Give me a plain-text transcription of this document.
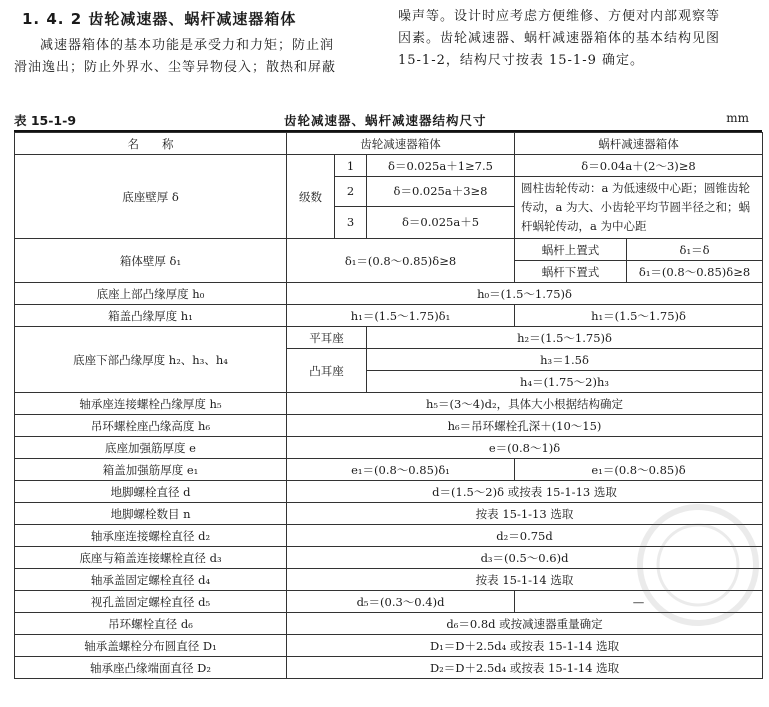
1. 4. 2 齿轮减速器、蜗杆减速器箱体

减速器箱体的基本功能是承受力和力矩；防止润

滑油逸出；防止外界水、尘等异物侵入；散热和屏蔽

噪声等。设计时应考虑方便维修、方便对内部观察等

因素。齿轮减速器、蜗杆减速器箱体的基本结构见图

15-1-2，结构尺寸按表 15-1-9 确定。

表 15-1-9	齿轮减速器、蜗杆减速器结构尺寸	mm
名　　称	齿轮减速器箱体			蜗杆减速器箱体	
底座壁厚 δ	级数	1	δ＝0.025a＋1≥7.5	δ＝0.04a＋(2～3)≥8	
		2	δ＝0.025a＋3≥8	圆柱齿轮传动：a 为低速级中心距；圆锥齿轮传动，a 为大、小齿轮平均节圆半径之和；蜗杆蜗轮传动，a 为中心距	
		3	δ＝0.025a＋5		
箱体壁厚 δ₁	δ₁＝(0.8～0.85)δ≥8			蜗杆上置式	δ₁＝δ
				蜗杆下置式	δ₁＝(0.8～0.85)δ≥8
底座上部凸缘厚度 h₀	h₀＝(1.5～1.75)δ				
箱盖凸缘厚度 h₁	h₁＝(1.5～1.75)δ₁			h₁＝(1.5～1.75)δ	
底座下部凸缘厚度 h₂、h₃、h₄	平耳座		h₂＝(1.5～1.75)δ		
	凸耳座		h₃＝1.5δ		
			h₄＝(1.75～2)h₃		
轴承座连接螺栓凸缘厚度 h₅	h₅＝(3～4)d₂，具体大小根据结构确定				
吊环螺栓座凸缘高度 h₆	h₆＝吊环螺栓孔深＋(10～15)				
底座加强筋厚度 e	e＝(0.8～1)δ				
箱盖加强筋厚度 e₁	e₁＝(0.8～0.85)δ₁			e₁＝(0.8～0.85)δ	
地脚螺栓直径 d	d＝(1.5～2)δ 或按表 15-1-13 选取				
地脚螺栓数目 n	按表 15-1-13 选取				
轴承座连接螺栓直径 d₂	d₂＝0.75d				
底座与箱盖连接螺栓直径 d₃	d₃＝(0.5～0.6)d				
轴承盖固定螺栓直径 d₄	按表 15-1-14 选取				
视孔盖固定螺栓直径 d₅	d₅＝(0.3～0.4)d			—	
吊环螺栓直径 d₆	d₆＝0.8d 或按减速器重量确定				
轴承盖螺栓分布圆直径 D₁	D₁＝D＋2.5d₄ 或按表 15-1-14 选取				
轴承座凸缘端面直径 D₂	D₂＝D＋2.5d₄ 或按表 15-1-14 选取				
